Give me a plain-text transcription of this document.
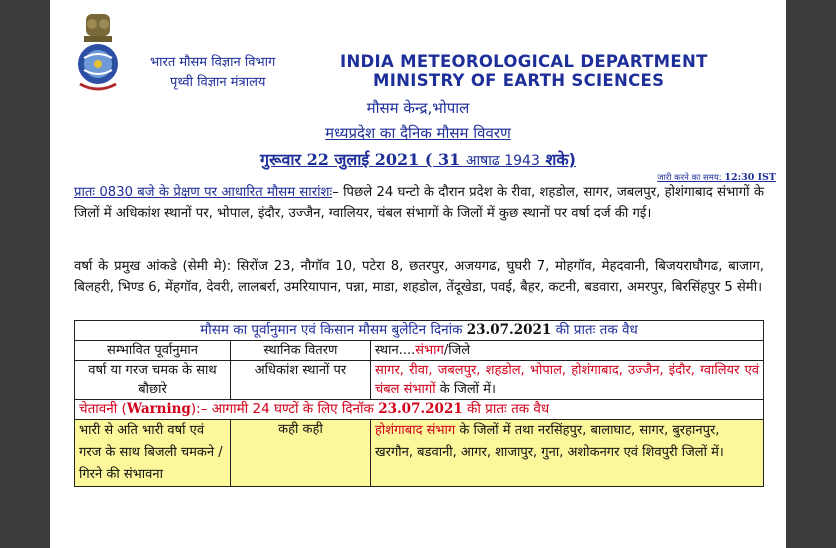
भारत मौसम विज्ञान विभाग
पृथ्वी विज्ञान मंत्रालय
INDIA METEOROLOGICAL DEPARTMENT
MINISTRY OF EARTH SCIENCES
मौसम केन्द्र,भोपाल
मध्यप्रदेश का दैनिक मौसम विवरण
गुरूवार 22 जुलाई 2021 ( 31 आषाढ 1943 शके)
जारी करने का समय: 12:30 IST
प्रातः 0830 बजे के प्रेक्षण पर आधारित मौसम सारांशः– पिछले 24 घन्टो के दौरान प्रदेश के रीवा, शहडोल, सागर, जबलपुर, होशंगाबाद संभागों के जिलों में अधिकांश स्थानों पर, भोपाल, इंदौर, उज्जैन, ग्वालियर, चंबल संभागों के जिलों में कुछ स्थानों पर वर्षा दर्ज की गई।
वर्षा के प्रमुख आंकडे (सेमी मे): सिरोंज 23, नौगॉव 10, पटेरा 8, छतरपुर, अजयगढ, घुघरी 7, मोहगॉव, मेहदवानी, बिजयराघौगढ, बाजाग, बिलहरी, भिण्ड 6, मेंहगॉव, देवरी, लालबर्रा, उमरियापान, पन्ना, माडा, शहडोल, तेंदूखेडा, पवई, बैहर, कटनी, बडवारा, अमरपुर, बिरसिंहपुर 5 सेमी।
मौसम का पूर्वानुमान एवं किसान मौसम बुलेटिन दिनांक 23.07.2021 की प्रातः तक वैध		
सम्भावित पूर्वानुमान	स्थानिक वितरण	स्थान....संभाग/जिले
वर्षा या गरज चमक के साथ बौछारे	अधिकांश स्थानों पर	सागर, रीवा, जबलपुर, शहडोल, भोपाल, होशंगाबाद, उज्जैन, इंदौर, ग्वालियर एवं चंबल संभागों के जिलों में।
चेतावनी (Warning):– आगामी 24 घण्टों के लिए दिनॉक 23.07.2021 की प्रातः तक वैध		
भारी से अति भारी वर्षा एवं गरज के साथ बिजली चमकने / गिरने की संभावना	कही कही	होशंगाबाद संभाग के जिलों में तथा नरसिंहपुर, बालाघाट, सागर, बुरहानपुर, खरगौन, बडवानी, आगर, शाजापुर, गुना, अशोकनगर एवं शिवपुरी जिलों में।
